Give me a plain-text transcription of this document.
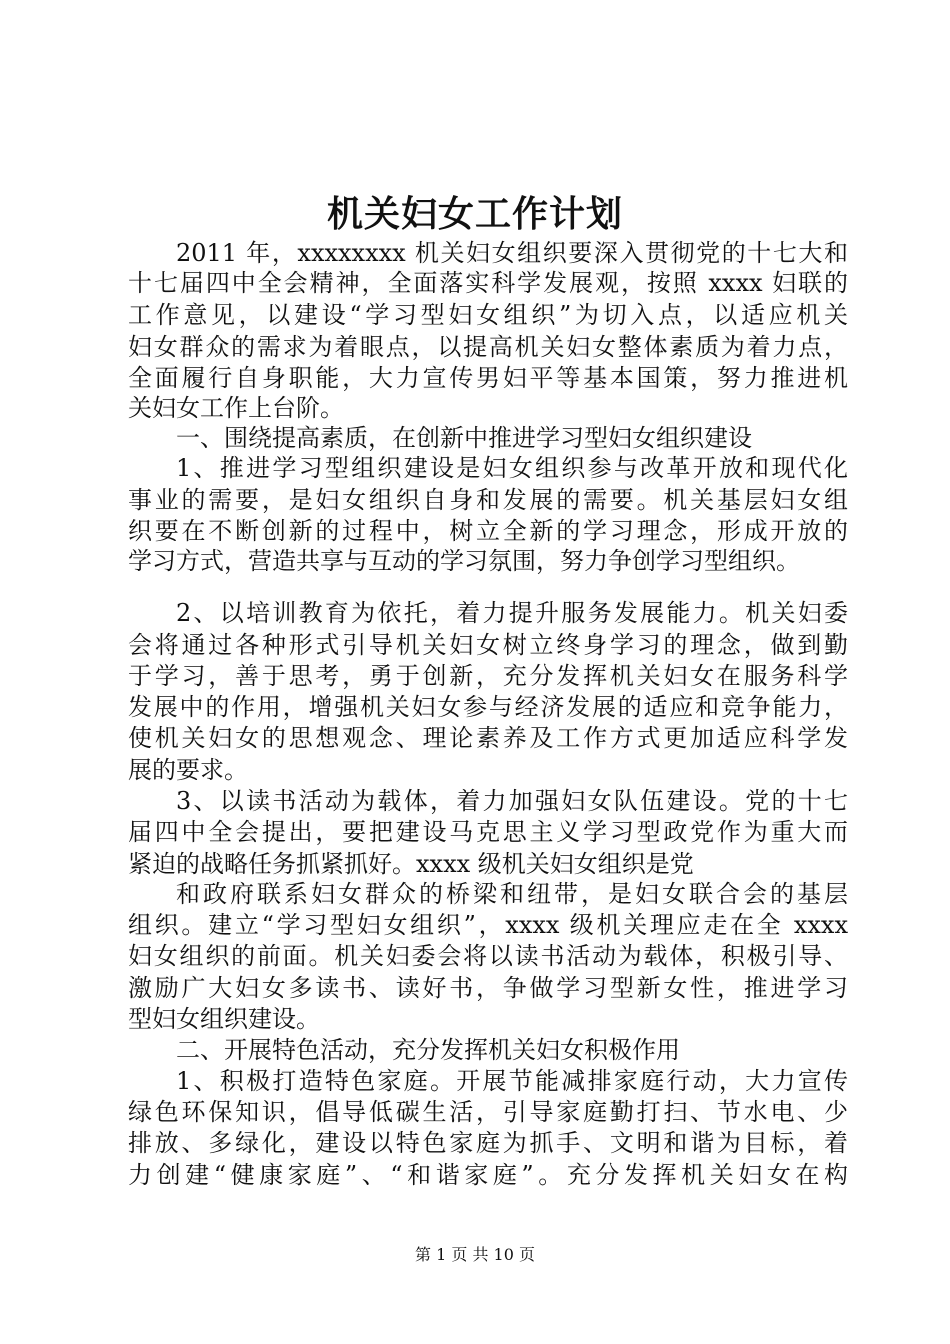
机关妇女工作计划
2011 年，xxxxxxxx 机关妇女组织要深入贯彻党的十七大和
十七届四中全会精神，全面落实科学发展观，按照 xxxx 妇联的
工作意见，以建设“学习型妇女组织”为切入点，以适应机关
妇女群众的需求为着眼点，以提高机关妇女整体素质为着力点，
全面履行自身职能，大力宣传男妇平等基本国策，努力推进机
关妇女工作上台阶。
一、围绕提高素质，在创新中推进学习型妇女组织建设
1、推进学习型组织建设是妇女组织参与改革开放和现代化
事业的需要，是妇女组织自身和发展的需要。机关基层妇女组
织要在不断创新的过程中，树立全新的学习理念，形成开放的
学习方式，营造共享与互动的学习氛围，努力争创学习型组织。
2、以培训教育为依托，着力提升服务发展能力。机关妇委
会将通过各种形式引导机关妇女树立终身学习的理念，做到勤
于学习，善于思考，勇于创新，充分发挥机关妇女在服务科学
发展中的作用，增强机关妇女参与经济发展的适应和竞争能力，
使机关妇女的思想观念、理论素养及工作方式更加适应科学发
展的要求。
3、以读书活动为载体，着力加强妇女队伍建设。党的十七
届四中全会提出，要把建设马克思主义学习型政党作为重大而
紧迫的战略任务抓紧抓好。xxxx 级机关妇女组织是党
和政府联系妇女群众的桥梁和纽带，是妇女联合会的基层
组织。建立“学习型妇女组织”，xxxx 级机关理应走在全 xxxx
妇女组织的前面。机关妇委会将以读书活动为载体，积极引导、
激励广大妇女多读书、读好书，争做学习型新女性，推进学习
型妇女组织建设。
二、开展特色活动，充分发挥机关妇女积极作用
1、积极打造特色家庭。开展节能减排家庭行动，大力宣传
绿色环保知识，倡导低碳生活，引导家庭勤打扫、节水电、少
排放、多绿化，建设以特色家庭为抓手、文明和谐为目标，着
力创建“健康家庭”、“和谐家庭”。充分发挥机关妇女在构
第 1 页 共 10 页
